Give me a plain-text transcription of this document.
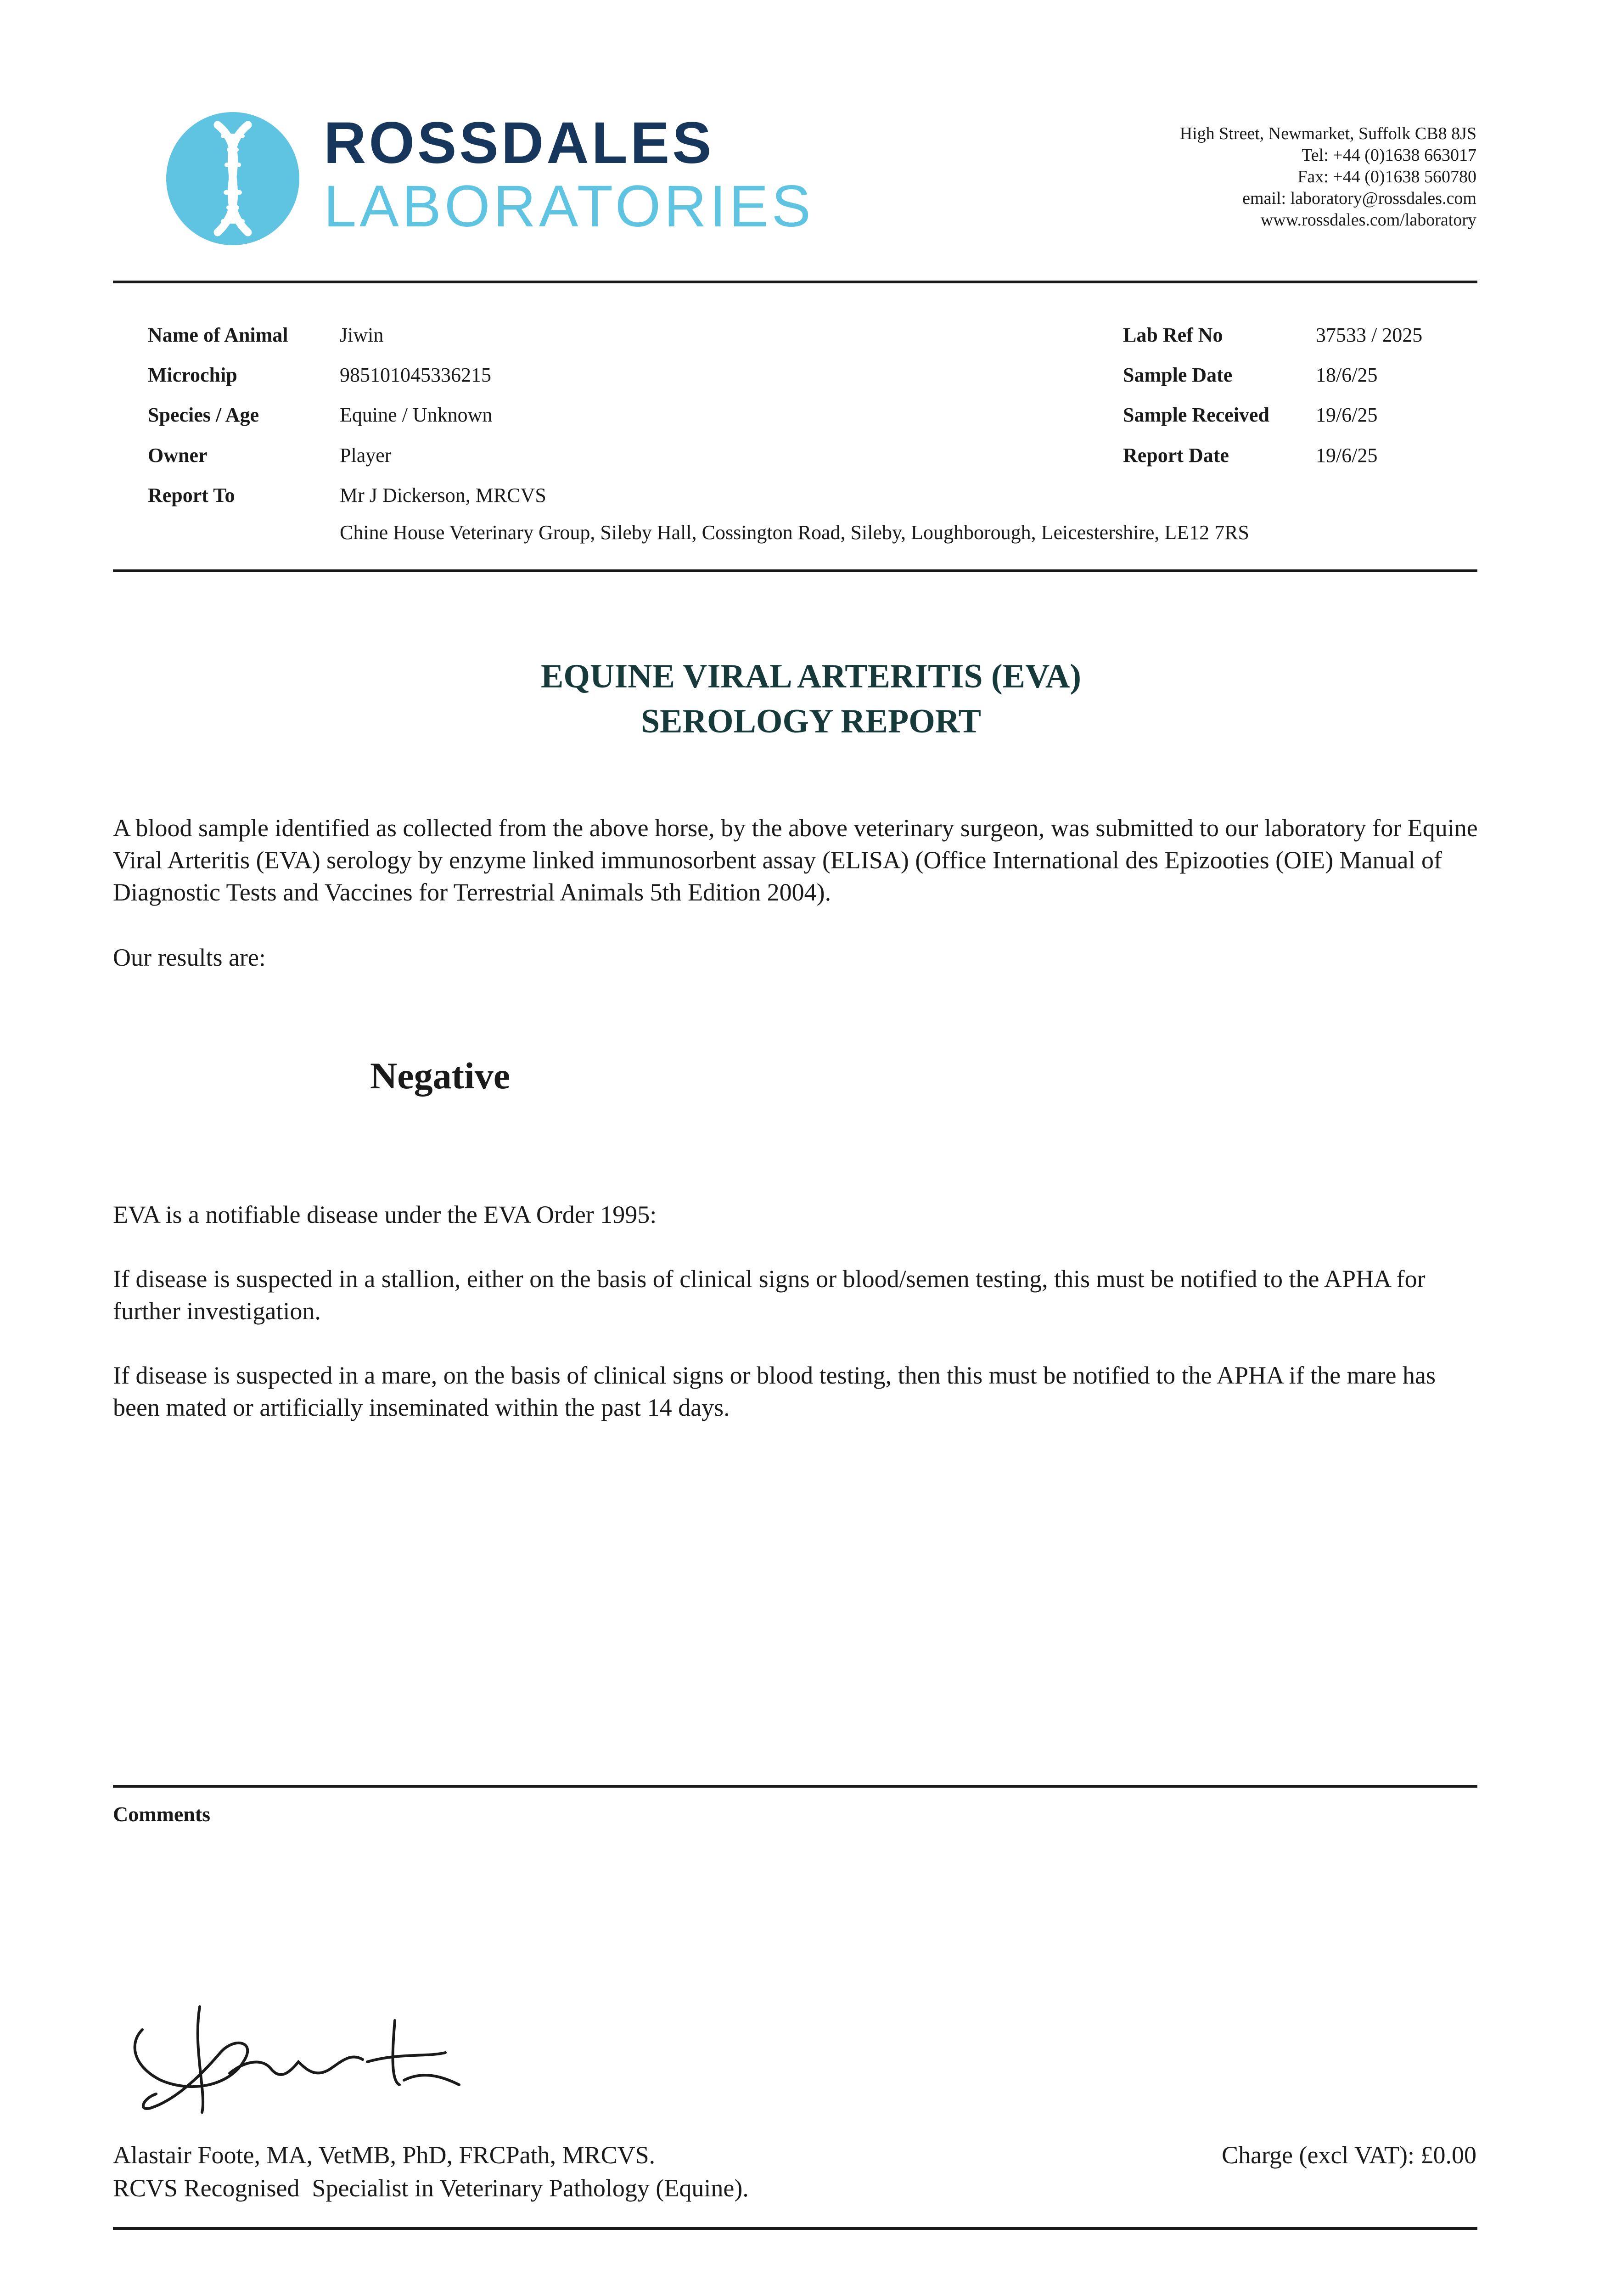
ROSSDALES
LABORATORIES
High Street, Newmarket, Suffolk CB8 8JS
Tel: +44 (0)1638 663017
Fax: +44 (0)1638 560780
email: laboratory@rossdales.com
www.rossdales.com/laboratory
Name of Animal	Jiwin
Microchip	985101045336215
Species / Age	Equine / Unknown
Owner	Player
Report To	Mr J Dickerson, MRCVS
Chine House Veterinary Group, Sileby Hall, Cossington Road, Sileby, Loughborough, Leicestershire, LE12 7RS
Lab Ref No	37533 / 2025
Sample Date	18/6/25
Sample Received 19/6/25
Report Date	19/6/25
EQUINE VIRAL ARTERITIS (EVA)
SEROLOGY REPORT
A blood sample identified as collected from the above horse, by the above veterinary surgeon, was submitted to our laboratory for Equine Viral Arteritis (EVA) serology by enzyme linked immunosorbent assay (ELISA) (Office International des Epizooties (OIE) Manual of Diagnostic Tests and Vaccines for Terrestrial Animals 5th Edition 2004).
Our results are:
Negative
EVA is a notifiable disease under the EVA Order 1995:
If disease is suspected in a stallion, either on the basis of clinical signs or blood/semen testing, this must be notified to the APHA for further investigation.
If disease is suspected in a mare, on the basis of clinical signs or blood testing, then this must be notified to the APHA if the mare has been mated or artificially inseminated within the past 14 days.
Comments
Alastair Foote, MA, VetMB, PhD, FRCPath, MRCVS.
RCVS Recognised  Specialist in Veterinary Pathology (Equine).
Charge (excl VAT): £0.00
